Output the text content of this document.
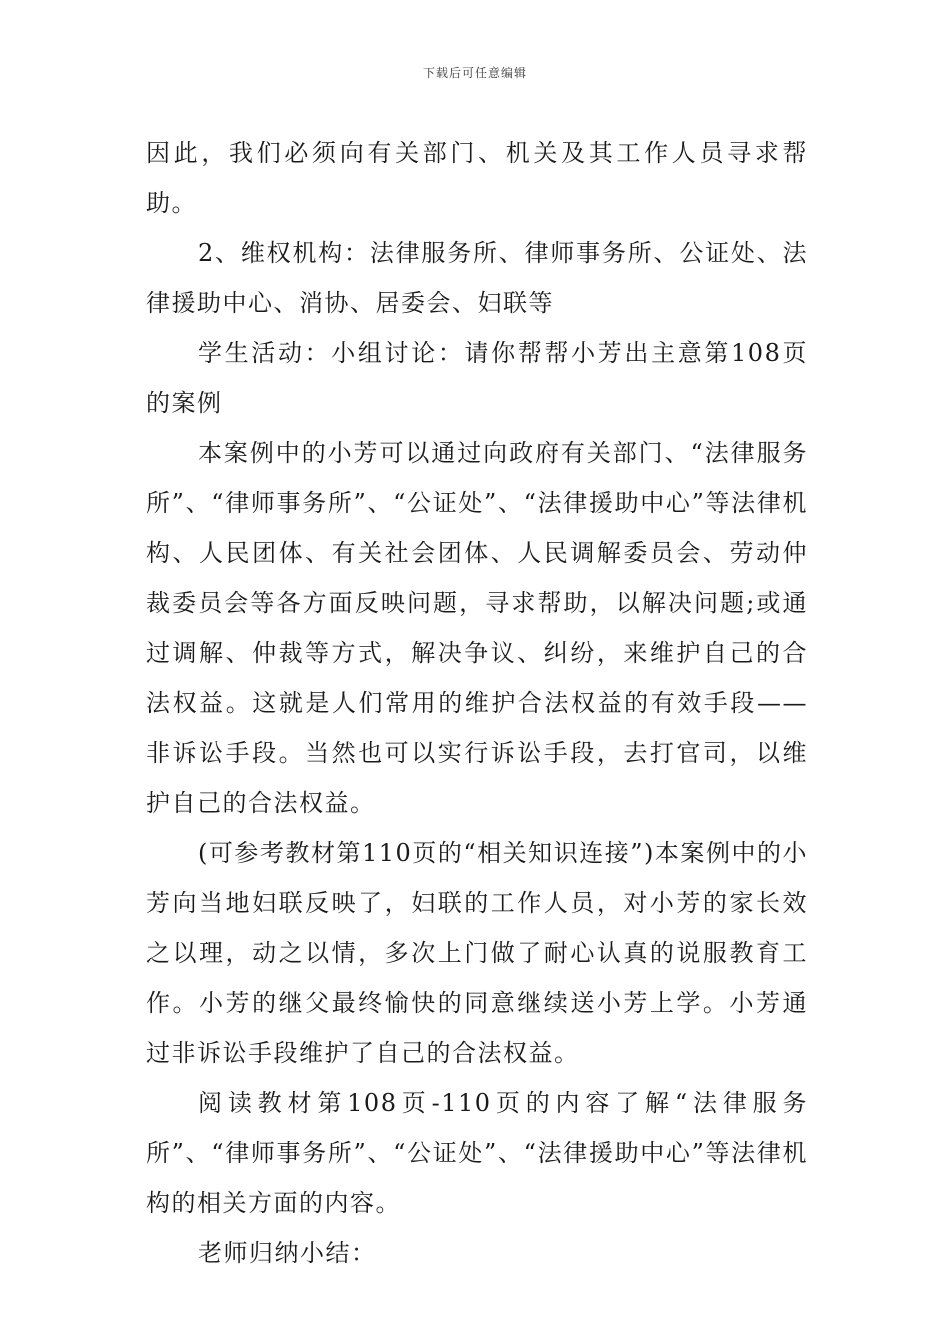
下载后可任意编辑

因此，我们必须向有关部门、机关及其工作人员寻求帮助。

2、维权机构：法律服务所、律师事务所、公证处、法律援助中心、消协、居委会、妇联等

学生活动：小组讨论：请你帮帮小芳出主意第108页的案例

本案例中的小芳可以通过向政府有关部门、“法律服务所”、“律师事务所”、“公证处”、“法律援助中心”等法律机构、人民团体、有关社会团体、人民调解委员会、劳动仲裁委员会等各方面反映问题，寻求帮助，以解决问题;或通过调解、仲裁等方式，解决争议、纠纷，来维护自己的合法权益。这就是人们常用的维护合法权益的有效手段——非诉讼手段。当然也可以实行诉讼手段，去打官司，以维护自己的合法权益。

(可参考教材第110页的“相关知识连接”)本案例中的小芳向当地妇联反映了，妇联的工作人员，对小芳的家长效之以理，动之以情，多次上门做了耐心认真的说服教育工作。小芳的继父最终愉快的同意继续送小芳上学。小芳通过非诉讼手段维护了自己的合法权益。

阅读教材第108页-110页的内容了解“法律服务所”、“律师事务所”、“公证处”、“法律援助中心”等法律机构的相关方面的内容。

老师归纳小结：
